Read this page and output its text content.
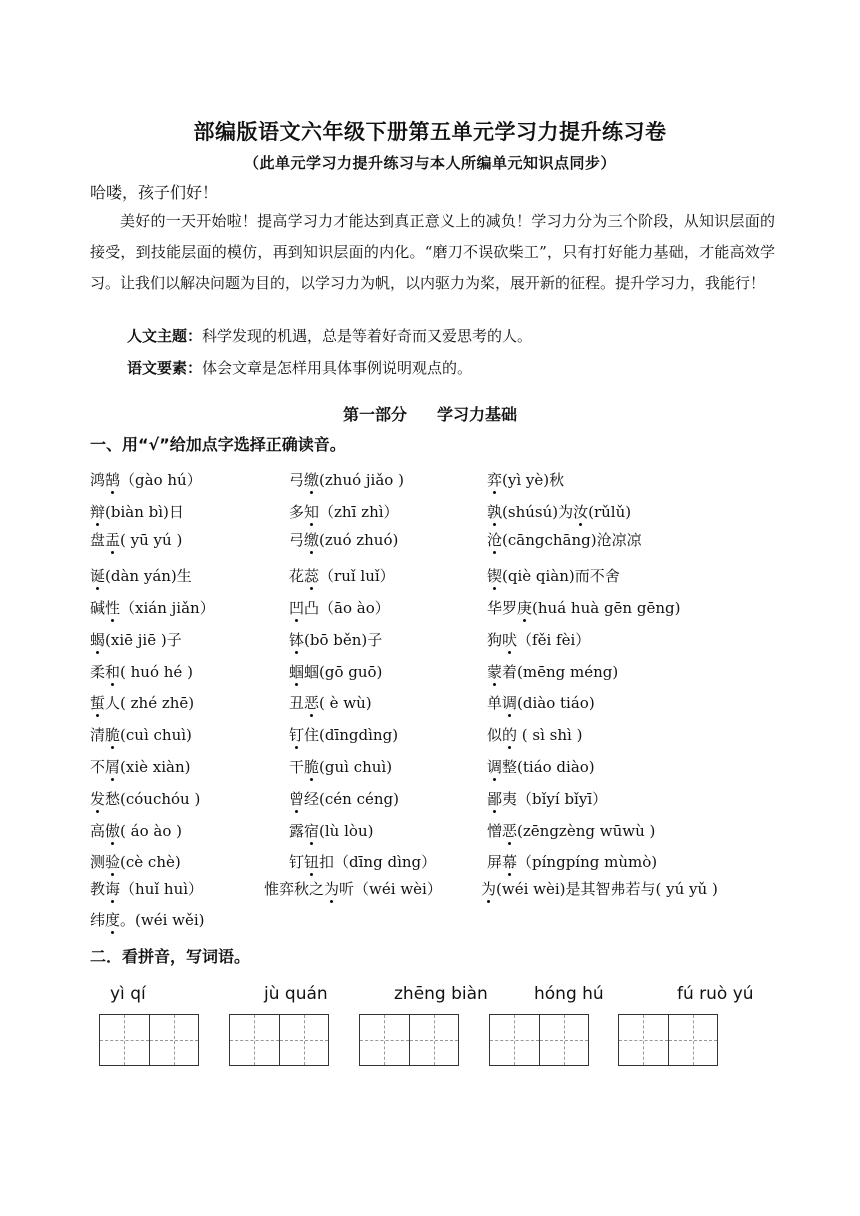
部编版语文六年级下册第五单元学习力提升练习卷
（此单元学习力提升练习与本人所编单元知识点同步）
哈喽，孩子们好！

美好的一天开始啦！提高学习力才能达到真正意义上的减负！学习力分为三个阶段，从知识层面的接受，到技能层面的模仿，再到知识层面的内化。“磨刀不误砍柴工”，只有打好能力基础，才能高效学习。让我们以解决问题为目的，以学习力为帆，以内驱力为桨，展开新的征程。提升学习力，我能行！

人文主题：科学发现的机遇，总是等着好奇而又爱思考的人。
语文要素：体会文章是怎样用具体事例说明观点的。
第一部分 学习力基础
一、用“√”给加点字选择正确读音。
鸿鹄（gào hú）	弓缴(zhuó jiǎo )	弈(yì yè)秋
辩(biàn bì)日	多知（zhī zhì）	孰(shúsú)为汝(rǔlǔ)
盘盂( yū yú )	弓缴(zuó zhuó)	沧(cāngchāng)沧凉凉
诞(dàn yán)生	花蕊（ruǐ luǐ）	锲(qiè qiàn)而不舍
碱性（xián jiǎn）	凹凸（āo ào）	华罗庚(huá huà gēn gēng)
蝎(xiē jiē )子	钵(bō běn)子	狗吠（fěi fèi）
柔和( huó hé )	蝈蝈(gō guō)	蒙着(mēng méng)
蜇人( zhé zhē)	丑恶( è wù)	单调(diào tiáo)
清脆(cuì chuì)	钉住(dīngdìng)	似的 ( sì shì )
不屑(xiè xiàn)	干脆(guì chuì)	调整(tiáo diào)
发愁(cóuchóu )	曾经(cén céng)	鄙夷（bǐyí bǐyī）
高傲( áo ào )	露宿(lù lòu)	憎恶(zēngzèng wūwù )
测验(cè chè)	钉钮扣（dīng dìng）	屏幕（píngpíng mùmò)
教诲（huǐ huì）	惟弈秋之为听（wéi wèi）	为(wéi wèi)是其智弗若与( yú yǔ )
纬度。(wéi wěi)
二．看拼音，写词语。
yì qí	jù quán	zhēng biàn	hóng hú	fú ruò yú
